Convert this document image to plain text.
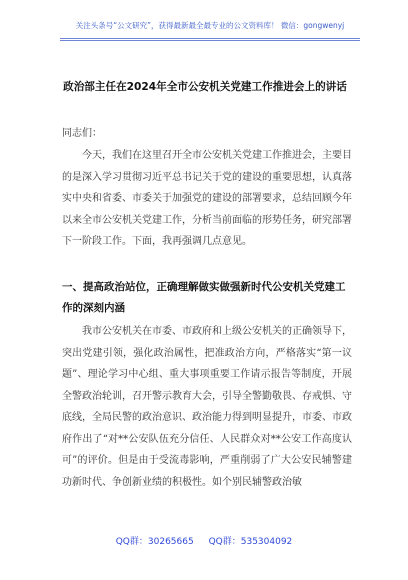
关注头条号“公文研究”，获得最新最全最专业的公文资料库！ 微信：gongwenyj
政治部主任在2024年全市公安机关党建工作推进会上的讲话
同志们：
今天，我们在这里召开全市公安机关党建工作推进会，主要目的是深入学习贯彻习近平总书记关于党的建设的重要思想，认真落实中央和省委、市委关于加强党的建设的部署要求，总结回顾今年以来全市公安机关党建工作，分析当前面临的形势任务，研究部署下一阶段工作。下面，我再强调几点意见。
一、提高政治站位，正确理解做实做强新时代公安机关党建工作的深刻内涵
我市公安机关在市委、市政府和上级公安机关的正确领导下，突出党建引领，强化政治属性，把准政治方向，严格落实“第一议题”、理论学习中心组、重大事项重要工作请示报告等制度，开展全警政治轮训，召开警示教育大会，引导全警勤敬畏、存戒惧、守底线，全局民警的政治意识、政治能力得到明显提升，市委、市政府作出了“对**公安队伍充分信任、人民群众对**公安工作高度认可”的评价。但是由于受流毒影响，严重削弱了广大公安民辅警建功新时代、争创新业绩的积极性。如个别民辅警政治敏
QQ群：30265665 QQ群：535304092
